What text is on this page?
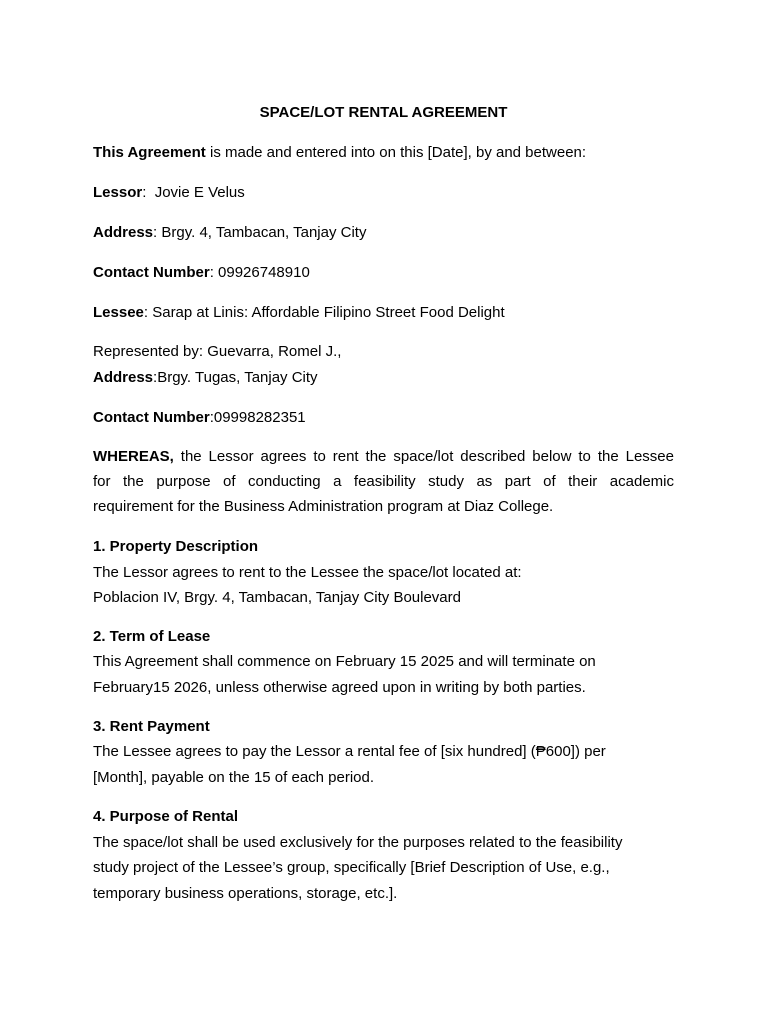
SPACE/LOT RENTAL AGREEMENT
This Agreement is made and entered into on this [Date], by and between:
Lessor:  Jovie E Velus
Address: Brgy. 4, Tambacan, Tanjay City
Contact Number: 09926748910
Lessee: Sarap at Linis: Affordable Filipino Street Food Delight
Represented by: Guevarra, Romel J.,
Address:Brgy. Tugas, Tanjay City
Contact Number:09998282351
WHEREAS, the Lessor agrees to rent the space/lot described below to the Lessee
for the purpose of conducting a feasibility study as part of their academic
requirement for the Business Administration program at Diaz College.
1. Property Description
The Lessor agrees to rent to the Lessee the space/lot located at:
Poblacion IV, Brgy. 4, Tambacan, Tanjay City Boulevard
2. Term of Lease
This Agreement shall commence on February 15 2025 and will terminate on
February15 2026, unless otherwise agreed upon in writing by both parties.
3. Rent Payment
The Lessee agrees to pay the Lessor a rental fee of [six hundred] (₱600]) per
[Month], payable on the 15 of each period.
4. Purpose of Rental
The space/lot shall be used exclusively for the purposes related to the feasibility
study project of the Lessee’s group, specifically [Brief Description of Use, e.g.,
temporary business operations, storage, etc.].
